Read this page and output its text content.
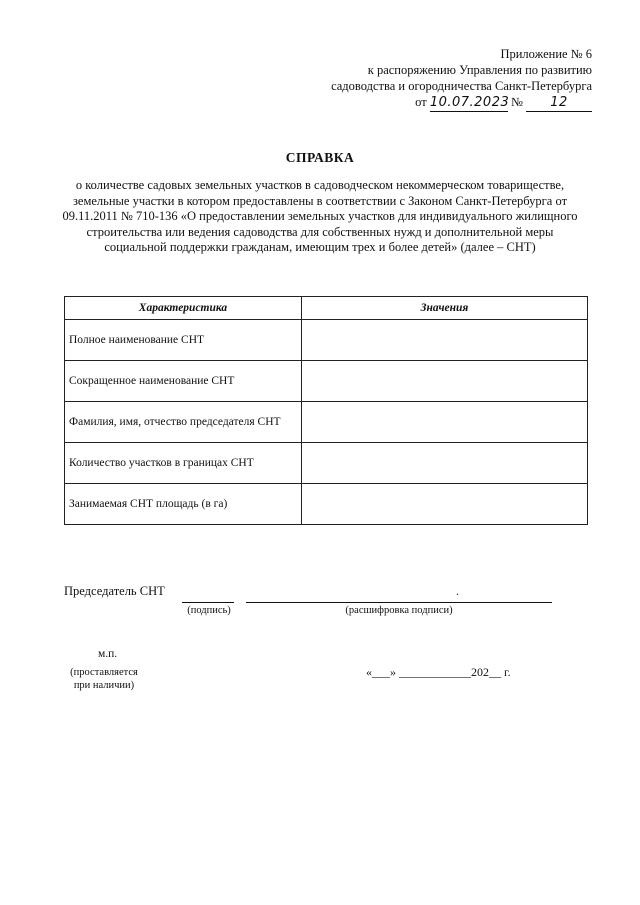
Приложение № 6
к распоряжению Управления по развитию
садоводства и огородничества Санкт-Петербурга
от 10.07.2023 № 12
СПРАВКА
о количестве садовых земельных участков в садоводческом некоммерческом товариществе, земельные участки в котором предоставлены в соответствии с Законом Санкт-Петербурга от 09.11.2011 № 710-136 «О предоставлении земельных участков для индивидуального жилищного строительства или ведения садоводства для собственных нужд и дополнительной меры социальной поддержки гражданам, имеющим трех и более детей» (далее – СНТ)
Характеристика	Значения
Полное наименование СНТ	
Сокращенное наименование СНТ	
Фамилия, имя, отчество председателя СНТ	
Количество участков в границах СНТ	
Занимаемая СНТ площадь (в га)	
Председатель СНТ	.
(подпись)	(расшифровка подписи)
м.п.
(проставляется
при наличии)
«___» ____________202__ г.
